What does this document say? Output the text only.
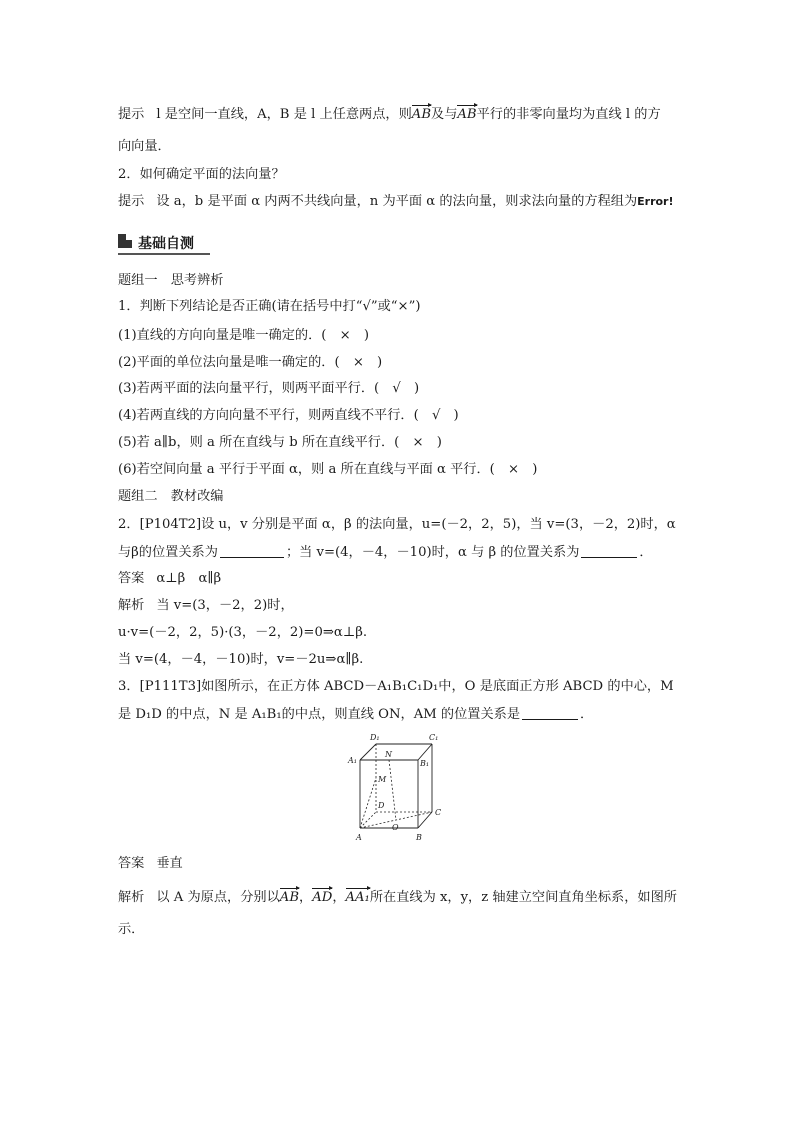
提示 l 是空间一直线，A，B 是 l 上任意两点，则AB及与AB平行的非零向量均为直线 l 的方
向向量．
2．如何确定平面的法向量？
提示 设 a，b 是平面 α 内两不共线向量，n 为平面 α 的法向量，则求法向量的方程组为Error!
基础自测
题组一　思考辨析
1．判断下列结论是否正确(请在括号中打“√”或“×”)
(1)直线的方向向量是唯一确定的．(　×　)
(2)平面的单位法向量是唯一确定的．(　×　)
(3)若两平面的法向量平行，则两平面平行．(　√　)
(4)若两直线的方向向量不平行，则两直线不平行．(　√　)
(5)若 a∥b，则 a 所在直线与 b 所在直线平行．(　×　)
(6)若空间向量 a 平行于平面 α，则 a 所在直线与平面 α 平行．(　×　)
题组二　教材改编
2．[P104T2]设 u，v 分别是平面 α，β 的法向量，u=(－2，2，5)，当 v=(3，－2，2)时，α
与β的位置关系为	；当 v=(4，－4，－10)时，α 与 β 的位置关系为	．
答案 α⊥β　α∥β
解析 当 v=(3，－2，2)时，
u·v=(－2，2，5)·(3，－2，2)=0⇒α⊥β.
当 v=(4，－4，－10)时，v=－2u⇒α∥β.
3．[P111T3]如图所示，在正方体 ABCD－A₁B₁C₁D₁中，O 是底面正方形 ABCD 的中心，M
是 D₁D 的中点，N 是 A₁B₁的中点，则直线 ON，AM 的位置关系是	．
D₁	C₁
A₁	B₁
N
M
D
C
A	B
O
答案 垂直
解析 以 A 为原点，分别以AB，AD，AA₁所在直线为 x，y，z 轴建立空间直角坐标系，如图所
示．
